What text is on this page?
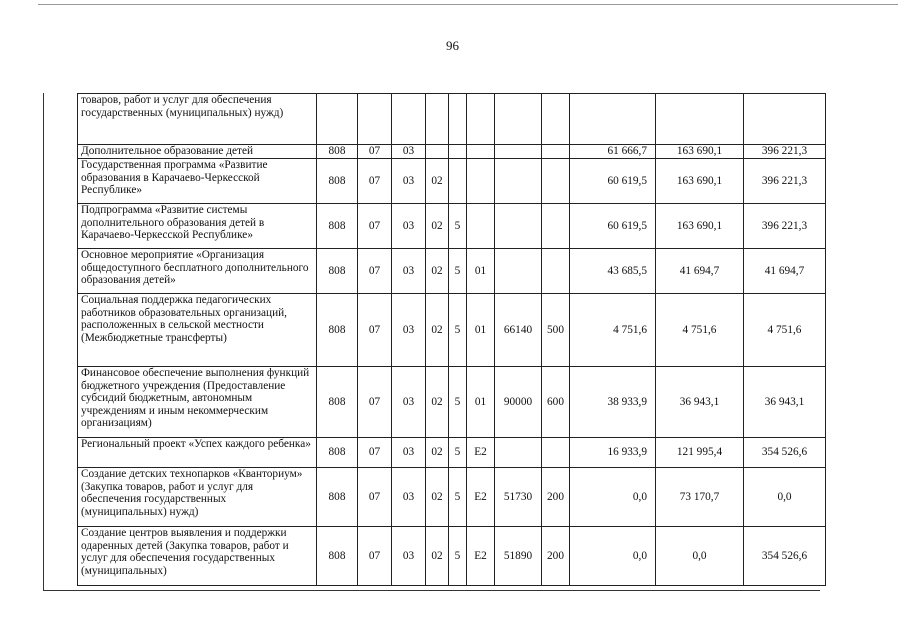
96
товаров, работ и услуг для обеспечения государственных (муниципальных) нужд)											
Дополнительное образование детей	808	07	03						61 666,7	163 690,1	396 221,3
Государственная программа «Развитие образования в Карачаево-Черкесской Республике»	808	07	03	02					60 619,5	163 690,1	396 221,3
Подпрограмма «Развитие системы дополнительного образования детей в Карачаево-Черкесской Республике»	808	07	03	02	5				60 619,5	163 690,1	396 221,3
Основное мероприятие «Организация общедоступного бесплатного дополнительного образования детей»	808	07	03	02	5	01			43 685,5	41 694,7	41 694,7
Социальная поддержка педагогических работников образовательных организаций, расположенных в сельской местности (Межбюджетные трансферты)	808	07	03	02	5	01	66140	500	4 751,6	4 751,6	4 751,6
Финансовое обеспечение выполнения функций бюджетного учреждения (Предоставление субсидий бюджетным, автономным учреждениям и иным некоммерческим организациям)	808	07	03	02	5	01	90000	600	38 933,9	36 943,1	36 943,1
Региональный проект «Успех каждого ребенка»	808	07	03	02	5	E2			16 933,9	121 995,4	354 526,6
Создание детских технопарков «Кванториум» (Закупка товаров, работ и услуг для обеспечения государственных (муниципальных) нужд)	808	07	03	02	5	E2	51730	200	0,0	73 170,7	0,0
Создание центров выявления и поддержки одаренных детей (Закупка товаров, работ и услуг для обеспечения государственных (муниципальных)	808	07	03	02	5	E2	51890	200	0,0	0,0	354 526,6
